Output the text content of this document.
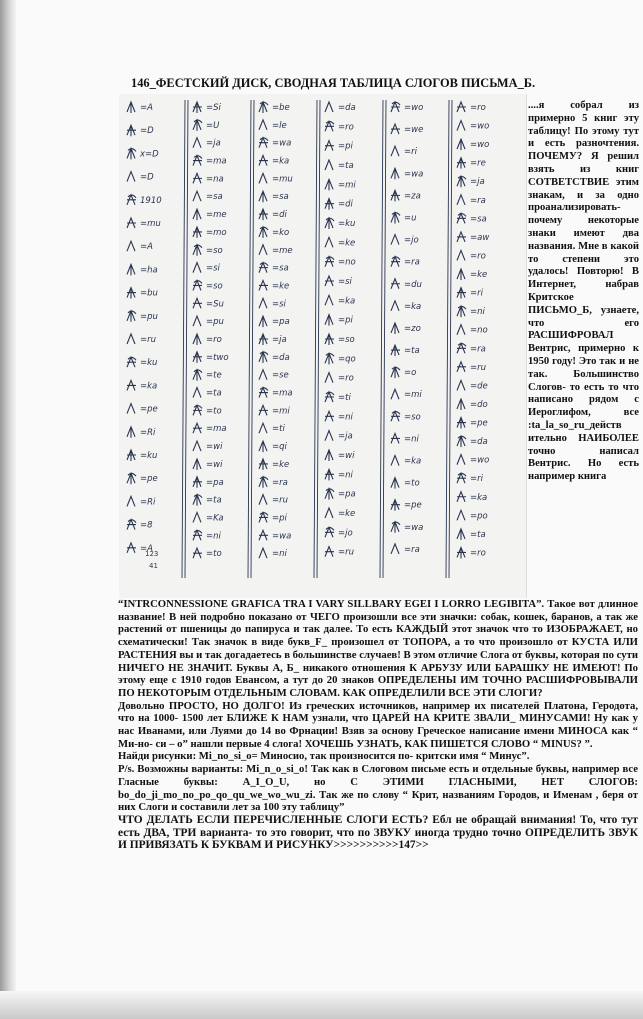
146_ФЕСТСКИЙ ДИСК, СВОДНАЯ ТАБЛИЦА СЛОГОВ ПИСЬМА_Б.
=A
=D
x=D
=D
1910
=mu
=A
=ha
=bu
=pu
=ru
=ku
=ka
=pe
=Ri
=ku
=pe
=Ri
=8
=A
=Si
=U
=ja
=ma
=na
=sa
=me
=mo
=so
=si
=so
=Su
=pu
=ro
=two
=te
=ta
=to
=ma
=wi
=wi
=pa
=ta
=Ka
=ni
=to
=be
=le
=wa
=ka
=mu
=sa
=di
=ko
=me
=sa
=ke
=si
=pa
=ja
=da
=se
=ma
=mi
=ti
=qi
=ke
=ra
=ru
=pi
=wa
=ni
=da
=ro
=pi
=ta
=mi
=di
=ku
=ke
=no
=si
=ka
=pi
=so
=qo
=ro
=ti
=ni
=ja
=wi
=ni
=pa
=ke
=jo
=ru
=wo
=we
=ri
=wa
=za
=u
=jo
=ra
=du
=ka
=zo
=ta
=o
=mi
=so
=ni
=ka
=to
=pe
=wa
=ra
=ro
=wo
=wo
=re
=ja
=ra
=sa
=aw
=ro
=ke
=ri
=ni
=no
=ra
=ru
=de
=do
=pe
=da
=wo
=ri
=ka
=po
=ta
=ro
123
41
....я собрал из примерно 5 книг эту таблицу! По этому тут и есть разночтения. ПОЧЕМУ? Я решил взять из книг СОТВЕТСТВИЕ этим знакам, и за одно проанализировать-почему некоторые знаки имеют два названия. Мне в какой то степени это удалось! Повторю! В Интернет, набрав Критское ПИСЬМО_Б, узнаете, что его РАСШИФРОВАЛ Вентрис, примерно к 1950 году! Это так и не так. Большинство Слогов- то есть то что написано рядом с Иероглифом, все :ta_la_so_ru_действ ительно НАИБОЛЕЕ точно написал Вентрис. Но есть например книга

“INTRCONNESSIONE GRAFICA TRA I VARY SILLBARY EGEI I LORRO LEGIBITA”. Такое вот длинное название! В ней подробно показано от ЧЕГО произошли все эти значки: собак, кошек, баранов, а так же растений от пшеницы до папируса и так далее. То есть КАЖДЫЙ этот значок что то ИЗОБРАЖАЕТ, но схематически! Так значок в виде букв_F_ произошел от ТОПОРА, а то что произошло от КУСТА ИЛИ РАСТЕНИЯ вы и так догадаетесь в большинстве случаев! В этом отличие Слога от буквы, которая по сути НИЧЕГО НЕ ЗНАЧИТ. Буквы А, Б_ никакого отношения К АРБУЗУ ИЛИ БАРАШКУ НЕ ИМЕЮТ! По этому еще с 1910 годов Евансом, а тут до 20 знаков ОПРЕДЕЛЕНЫ ИМ ТОЧНО РАСШИФРОВЫВАЛИ ПО НЕКОТОРЫМ ОТДЕЛЬНЫМ СЛОВАМ. КАК ОПРЕДЕЛИЛИ ВСЕ ЭТИ СЛОГИ?

Довольно ПРОСТО, НО ДОЛГО! Из греческих источников, например их писателей Платона, Геродота, что на 1000- 1500 лет БЛИЖЕ К НАМ узнали, что ЦАРЕЙ НА КРИТЕ ЗВАЛИ_ МИНУСАМИ! Ну как у нас Иванами, или Луями до 14 во Фрнации! Взяв за основу Греческое написание имени МИНОСА как “ Ми-но- си – о” нашли первые 4 слога! ХОЧЕШЬ УЗНАТЬ, КАК ПИШЕТСЯ СЛОВО “ MINUS? ”.

Найди рисунки: Mi_no_si_o= Миносио, так произносится по- критски имя “ Минус”.

P/s. Возможны варианты: Mi_n_o_si_o! Так как в Слоговом письме есть и отдельные буквы, например все Гласные буквы: A_I_O_U, но С ЭТИМИ ГЛАСНЫМИ, НЕТ СЛОГОВ: bo_do_ji_mo_no_po_qo_qu_we_wo_wu_zi. Так же по слову “ Крит, названиям Городов, и Именам , беря от них Слоги и составили лет за 100 эту таблицу”

ЧТО ДЕЛАТЬ ЕСЛИ ПЕРЕЧИСЛЕННЫЕ СЛОГИ ЕСТЬ? Ебл не обращай внимания! То, что тут есть ДВА, ТРИ варианта- то это говорит, что по ЗВУКУ иногда трудно точно ОПРЕДЕЛИТЬ ЗВУК И ПРИВЯЗАТЬ К БУКВАМ И РИСУНКУ>>>>>>>>>>147>>
